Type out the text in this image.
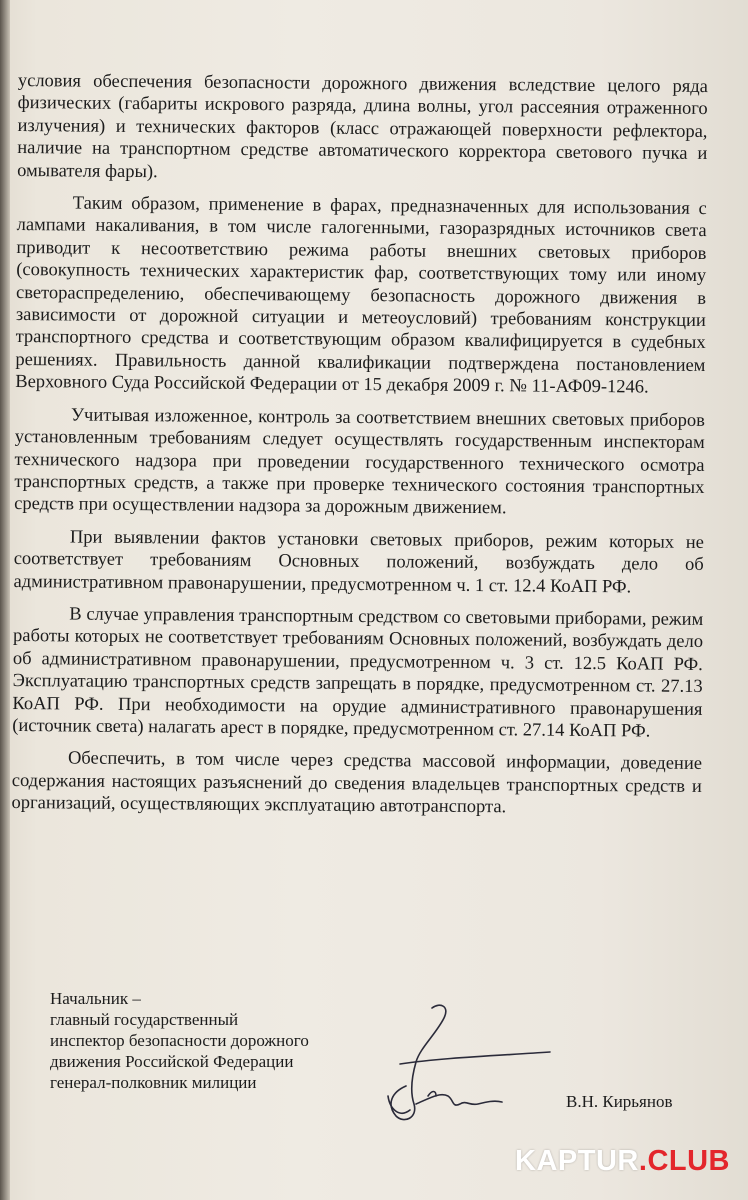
условия обеспечения безопасности дорожного движения вследствие целого ряда физических (габариты искрового разряда, длина волны, угол рассеяния отраженного излучения) и технических факторов (класс отражающей поверхности рефлектора, наличие на транспортном средстве автоматического корректора светового пучка и омывателя фары).

Таким образом, применение в фарах, предназначенных для использования с лампами накаливания, в том числе галогенными, газоразрядных источников света приводит к несоответствию режима работы внешних световых приборов (совокупность технических характеристик фар, соответствующих тому или иному светораспределению, обеспечивающему безопасность дорожного движения в зависимости от дорожной ситуации и метеоусловий) требованиям конструкции транспортного средства и соответствующим образом квалифицируется в судебных решениях. Правильность данной квалификации подтверждена постановлением Верховного Суда Российской Федерации от 15 декабря 2009 г. № 11-АФ09-1246.

Учитывая изложенное, контроль за соответствием внешних световых приборов установленным требованиям следует осуществлять государственным инспекторам технического надзора при проведении государственного технического осмотра транспортных средств, а также при проверке технического состояния транспортных средств при осуществлении надзора за дорожным движением.

При выявлении фактов установки световых приборов, режим которых не соответствует требованиям Основных положений, возбуждать дело об административном правонарушении, предусмотренном ч. 1 ст. 12.4 КоАП РФ.

В случае управления транспортным средством со световыми приборами, режим работы которых не соответствует требованиям Основных положений, возбуждать дело об административном правонарушении, предусмотренном ч. 3 ст. 12.5 КоАП РФ. Эксплуатацию транспортных средств запрещать в порядке, предусмотренном ст. 27.13 КоАП РФ. При необходимости на орудие административного правонарушения (источник света) налагать арест в порядке, предусмотренном ст. 27.14 КоАП РФ.

Обеспечить, в том числе через средства массовой информации, доведение содержания настоящих разъяснений до сведения владельцев транспортных средств и организаций, осуществляющих эксплуатацию автотранспорта.

Начальник –
главный государственный
инспектор безопасности дорожного
движения Российской Федерации
генерал-полковник милиции
В.Н. Кирьянов
KAPTUR.CLUB
